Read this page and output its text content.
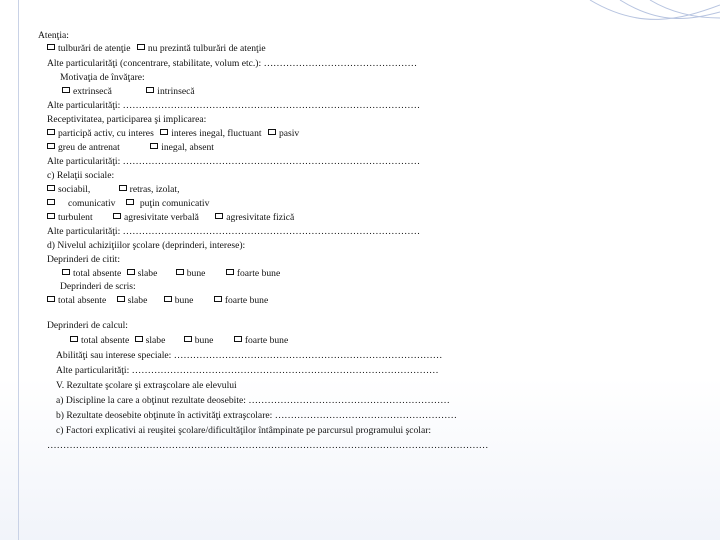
Atenţia:
tulburări de atenţie nu prezintă tulburări de atenţie
Alte particularităţi (concentrare, stabilitate, volum etc.): …………………………………………
Motivaţia de învăţare:
extrinsecă	intrinsecă
Alte particularităţi: …………………………………………………………………………………
Receptivitatea, participarea şi implicarea:
participă activ, cu interes interes inegal, fluctuant pasiv
greu de antrenat	inegal, absent
Alte particularităţi: …………………………………………………………………………………
c) Relaţii sociale:
sociabil,	retras, izolat,
comunicativ	puţin comunicativ
turbulent	agresivitate verbală	agresivitate fizică
Alte particularităţi: …………………………………………………………………………………
d) Nivelul achiziţiilor şcolare (deprinderi, interese):
Deprinderi de citit:
total absente slabe	bune	foarte bune
Deprinderi de scris:
total absente slabe	bune	foarte bune
Deprinderi de calcul:
total absente slabe	bune	foarte bune
Abilităţi sau interese speciale: …………………………………………………………………………
Alte particularităţi: ……………………………………………………………………………………
V. Rezultate şcolare şi extraşcolare ale elevului
a) Discipline la care a obţinut rezultate deosebite: ………………………………………………………
b) Rezultate deosebite obţinute în activităţi extraşcolare: …………………………………………………
c) Factori explicativi ai reuşitei şcolare/dificultăţilor întâmpinate pe parcursul programului şcolar:
…………………………………………………………………………………………………………………………
